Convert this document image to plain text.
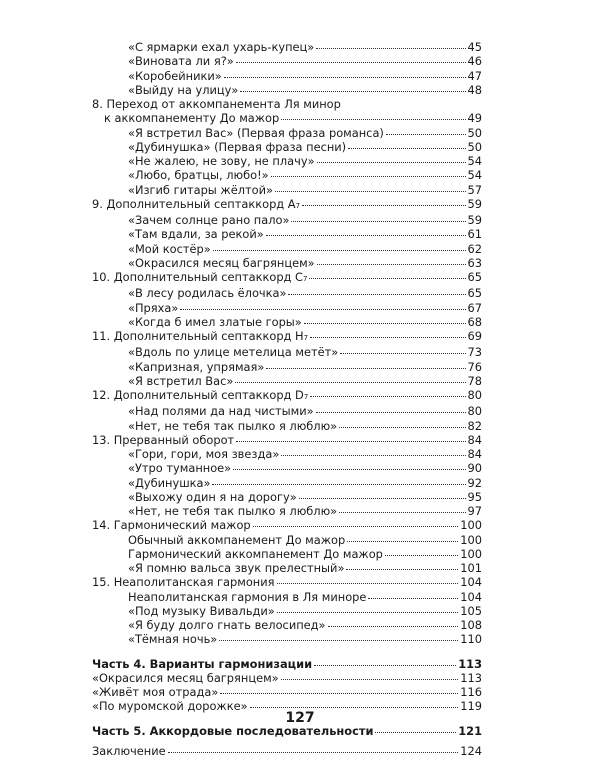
«С ярмарки ехал ухарь-купец»	45
«Виновата ли я?»	46
«Коробейники»	47
«Выйду на улицу»	48
8. Переход от аккомпанемента Ля минор
к аккомпанементу До мажор	49
«Я встретил Вас» (Первая фраза романса)	50
«Дубинушка» (Первая фраза песни)	50
«Не жалею, не зову, не плачу»	54
«Любо, братцы, любо!»	54
«Изгиб гитары жёлтой»	57
9. Дополнительный септаккорд A 7	59
«Зачем солнце рано пало»	59
«Там вдали, за рекой»	61
«Мой костёр»	62
«Окрасился месяц багрянцем»	63
10. Дополнительный септаккорд C 7	65
«В лесу родилась ёлочка»	65
«Пряха»	67
«Когда б имел златые горы»	68
11. Дополнительный септаккорд H 7	69
«Вдоль по улице метелица метёт»	73
«Капризная, упрямая»	76
«Я встретил Вас»	78
12. Дополнительный септаккорд D 7	80
«Над полями да над чистыми»	80
«Нет, не тебя так пылко я люблю»	82
13. Прерванный оборот	84
«Гори, гори, моя звезда»	84
«Утро туманное»	90
«Дубинушка»	92
«Выхожу один я на дорогу»	95
«Нет, не тебя так пылко я люблю»	97
14. Гармонический мажор	100
Обычный аккомпанемент До мажор	100
Гармонический аккомпанемент До мажор	100
«Я помню вальса звук прелестный»	101
15. Неаполитанская гармония	104
Неаполитанская гармония в Ля миноре	104
«Под музыку Вивальди»	105
«Я буду долго гнать велосипед»	108
«Тёмная ночь»	110
Часть 4. Варианты гармонизации	113
«Окрасился месяц багрянцем»	113
«Живёт моя отрада»	116
«По муромской дорожке»	119
Часть 5. Аккордовые последовательности	121
Заключение	124
127
